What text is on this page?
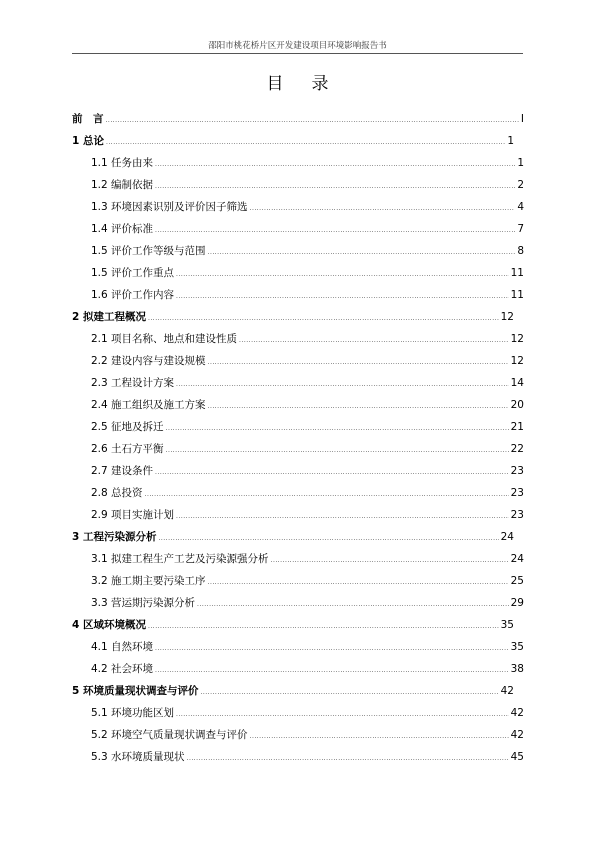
邵阳市桃花桥片区开发建设项目环境影响报告书
目录
前　言 .....	I
1 总论 .....	1
1.1 任务由来 .....	1
1.2 编制依据 .....	2
1.3 环境因素识别及评价因子筛选 .....	4
1.4 评价标准 .....	7
1.5 评价工作等级与范围 .....	8
1.5 评价工作重点 .....	11
1.6 评价工作内容 .....	11
2 拟建工程概况 .....	12
2.1 项目名称、地点和建设性质 .....	12
2.2 建设内容与建设规模 .....	12
2.3 工程设计方案 .....	14
2.4 施工组织及施工方案 .....	20
2.5 征地及拆迁 .....	21
2.6 土石方平衡 .....	22
2.7 建设条件 .....	23
2.8 总投资 .....	23
2.9 项目实施计划 .....	23
3 工程污染源分析 .....	24
3.1 拟建工程生产工艺及污染源强分析 .....	24
3.2 施工期主要污染工序 .....	25
3.3 营运期污染源分析 .....	29
4 区域环境概况 .....	35
4.1 自然环境 .....	35
4.2 社会环境 .....	38
5 环境质量现状调查与评价 .....	42
5.1 环境功能区划 .....	42
5.2 环境空气质量现状调查与评价 .....	42
5.3 水环境质量现状 .....	45
